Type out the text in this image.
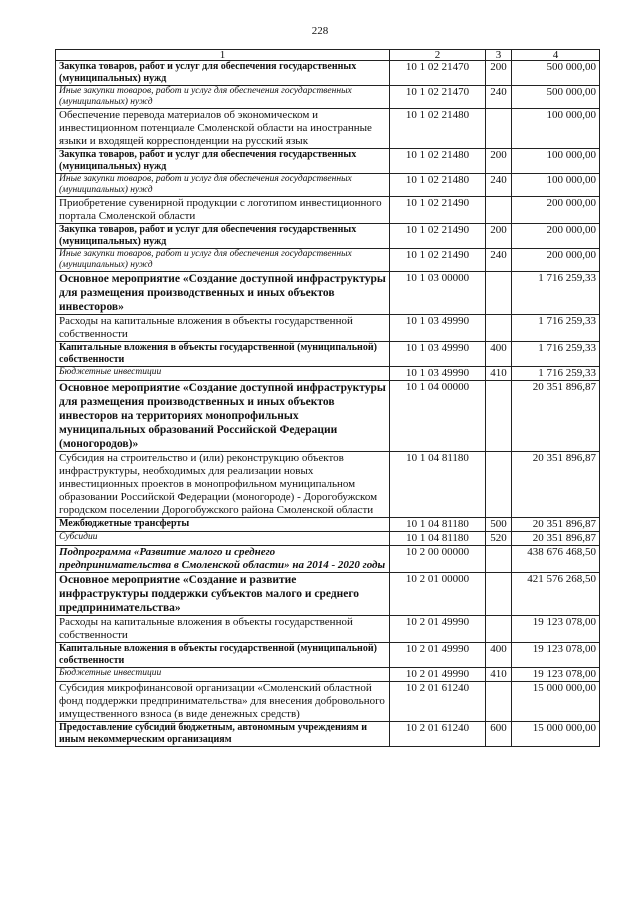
228
1	2	3	4
Закупка товаров, работ и услуг для обеспечения государственных (муниципальных) нужд	10 1 02 21470	200	500 000,00
Иные закупки товаров, работ и услуг для обеспечения государственных (муниципальных) нужд	10 1 02 21470	240	500 000,00
Обеспечение перевода материалов об экономическом и инвестиционном потенциале Смоленской области на иностранные языки и входящей корреспонденции на русский язык	10 1 02 21480		100 000,00
Закупка товаров, работ и услуг для обеспечения государственных (муниципальных) нужд	10 1 02 21480	200	100 000,00
Иные закупки товаров, работ и услуг для обеспечения государственных (муниципальных) нужд	10 1 02 21480	240	100 000,00
Приобретение сувенирной продукции с логотипом инвестиционного портала Смоленской области	10 1 02 21490		200 000,00
Закупка товаров, работ и услуг для обеспечения государственных (муниципальных) нужд	10 1 02 21490	200	200 000,00
Иные закупки товаров, работ и услуг для обеспечения государственных (муниципальных) нужд	10 1 02 21490	240	200 000,00
Основное мероприятие «Создание доступной инфраструктуры для размещения производственных и иных объектов инвесторов»	10 1 03 00000		1 716 259,33
Расходы на капитальные вложения в объекты государственной собственности	10 1 03 49990		1 716 259,33
Капитальные вложения в объекты государственной (муниципальной) собственности	10 1 03 49990	400	1 716 259,33
Бюджетные инвестиции	10 1 03 49990	410	1 716 259,33
Основное мероприятие «Создание доступной инфраструктуры для размещения производственных и иных объектов инвесторов на территориях монопрофильных муниципальных образований Российской Федерации (моногородов)»	10 1 04 00000		20 351 896,87
Субсидия на строительство и (или) реконструкцию объектов инфраструктуры, необходимых для реализации новых инвестиционных проектов в монопрофильном муниципальном образовании Российской Федерации (моногороде) - Дорогобужском городском поселении Дорогобужского района Смоленской области	10 1 04 81180		20 351 896,87
Межбюджетные трансферты	10 1 04 81180	500	20 351 896,87
Субсидии	10 1 04 81180	520	20 351 896,87
Подпрограмма «Развитие малого и среднего предпринимательства в Смоленской области» на 2014 - 2020 годы	10 2 00 00000		438 676 468,50
Основное мероприятие «Создание и развитие инфраструктуры поддержки субъектов малого и среднего предпринимательства»	10 2 01 00000		421 576 268,50
Расходы на капитальные вложения в объекты государственной собственности	10 2 01 49990		19 123 078,00
Капитальные вложения в объекты государственной (муниципальной) собственности	10 2 01 49990	400	19 123 078,00
Бюджетные инвестиции	10 2 01 49990	410	19 123 078,00
Субсидия микрофинансовой организации «Смоленский областной фонд поддержки предпринимательства» для внесения добровольного имущественного взноса (в виде денежных средств)	10 2 01 61240		15 000 000,00
Предоставление субсидий бюджетным, автономным учреждениям и иным некоммерческим организациям	10 2 01 61240	600	15 000 000,00
